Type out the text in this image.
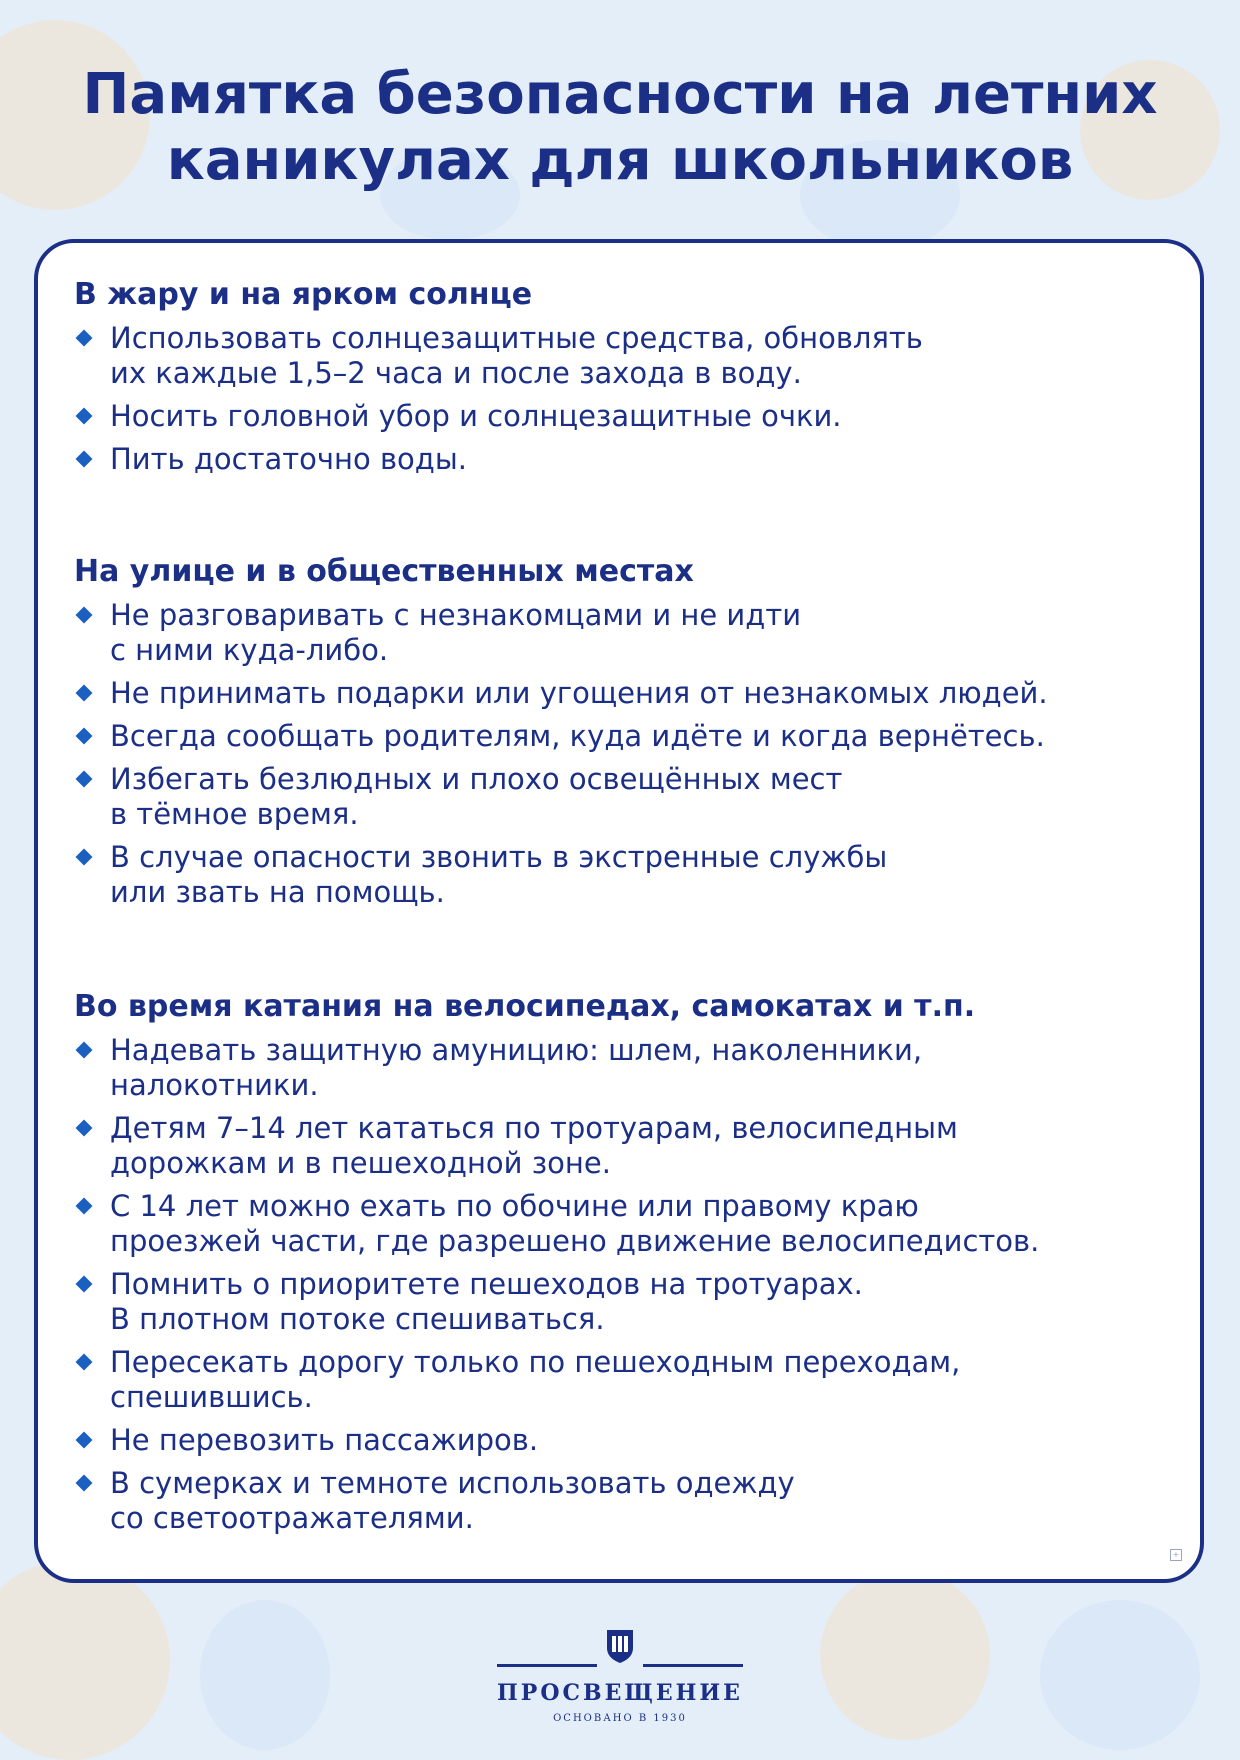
Памятка безопасности на летних
каникулах для школьников
В жару и на ярком солнце
Использовать солнцезащитные средства, обновлять
их каждые 1,5–2 часа и после захода в воду.
Носить головной убор и солнцезащитные очки.
Пить достаточно воды.
На улице и в общественных местах
Не разговаривать с незнакомцами и не идти
с ними куда-либо.
Не принимать подарки или угощения от незнакомых людей.
Всегда сообщать родителям, куда идёте и когда вернётесь.
Избегать безлюдных и плохо освещённых мест
в тёмное время.
В случае опасности звонить в экстренные службы
или звать на помощь.
Во время катания на велосипедах, самокатах и т.п.
Надевать защитную амуницию: шлем, наколенники,
налокотники.
Детям 7–14 лет кататься по тротуарам, велосипедным
дорожкам и в пешеходной зоне.
С 14 лет можно ехать по обочине или правому краю
проезжей части, где разрешено движение велосипедистов.
Помнить о приоритете пешеходов на тротуарах.
В плотном потоке спешиваться.
Пересекать дорогу только по пешеходным переходам,
спешившись.
Не перевозить пассажиров.
В сумерках и темноте использовать одежду
со светоотражателями.
+
ПРОСВЕЩЕНИЕ
ОСНОВАНО В 1930
